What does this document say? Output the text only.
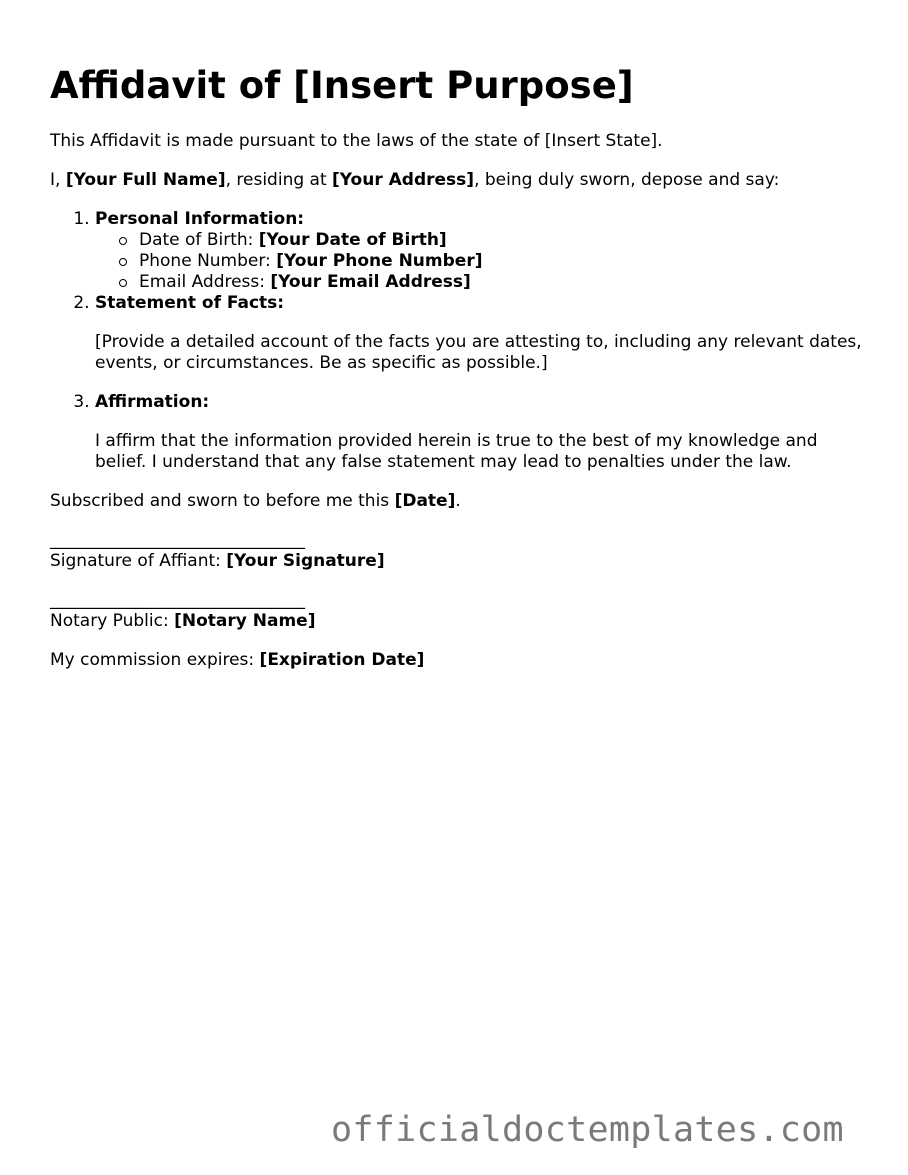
Affidavit of [Insert Purpose]

This Affidavit is made pursuant to the laws of the state of [Insert State].

I, [Your Full Name], residing at [Your Address], being duly sworn, depose and say:

1. Personal Information:
Date of Birth: [Your Date of Birth]
Phone Number: [Your Phone Number]
Email Address: [Your Email Address]
2. Statement of Facts:

[Provide a detailed account of the facts you are attesting to, including any relevant dates, events, or circumstances. Be as specific as possible.]

3. Affirmation:

I affirm that the information provided herein is true to the best of my knowledge and belief. I understand that any false statement may lead to penalties under the law.

Subscribed and sworn to before me this [Date].

______________________________
Signature of Affiant: [Your Signature]

______________________________
Notary Public: [Notary Name]

My commission expires: [Expiration Date]

officialdoctemplates.com
